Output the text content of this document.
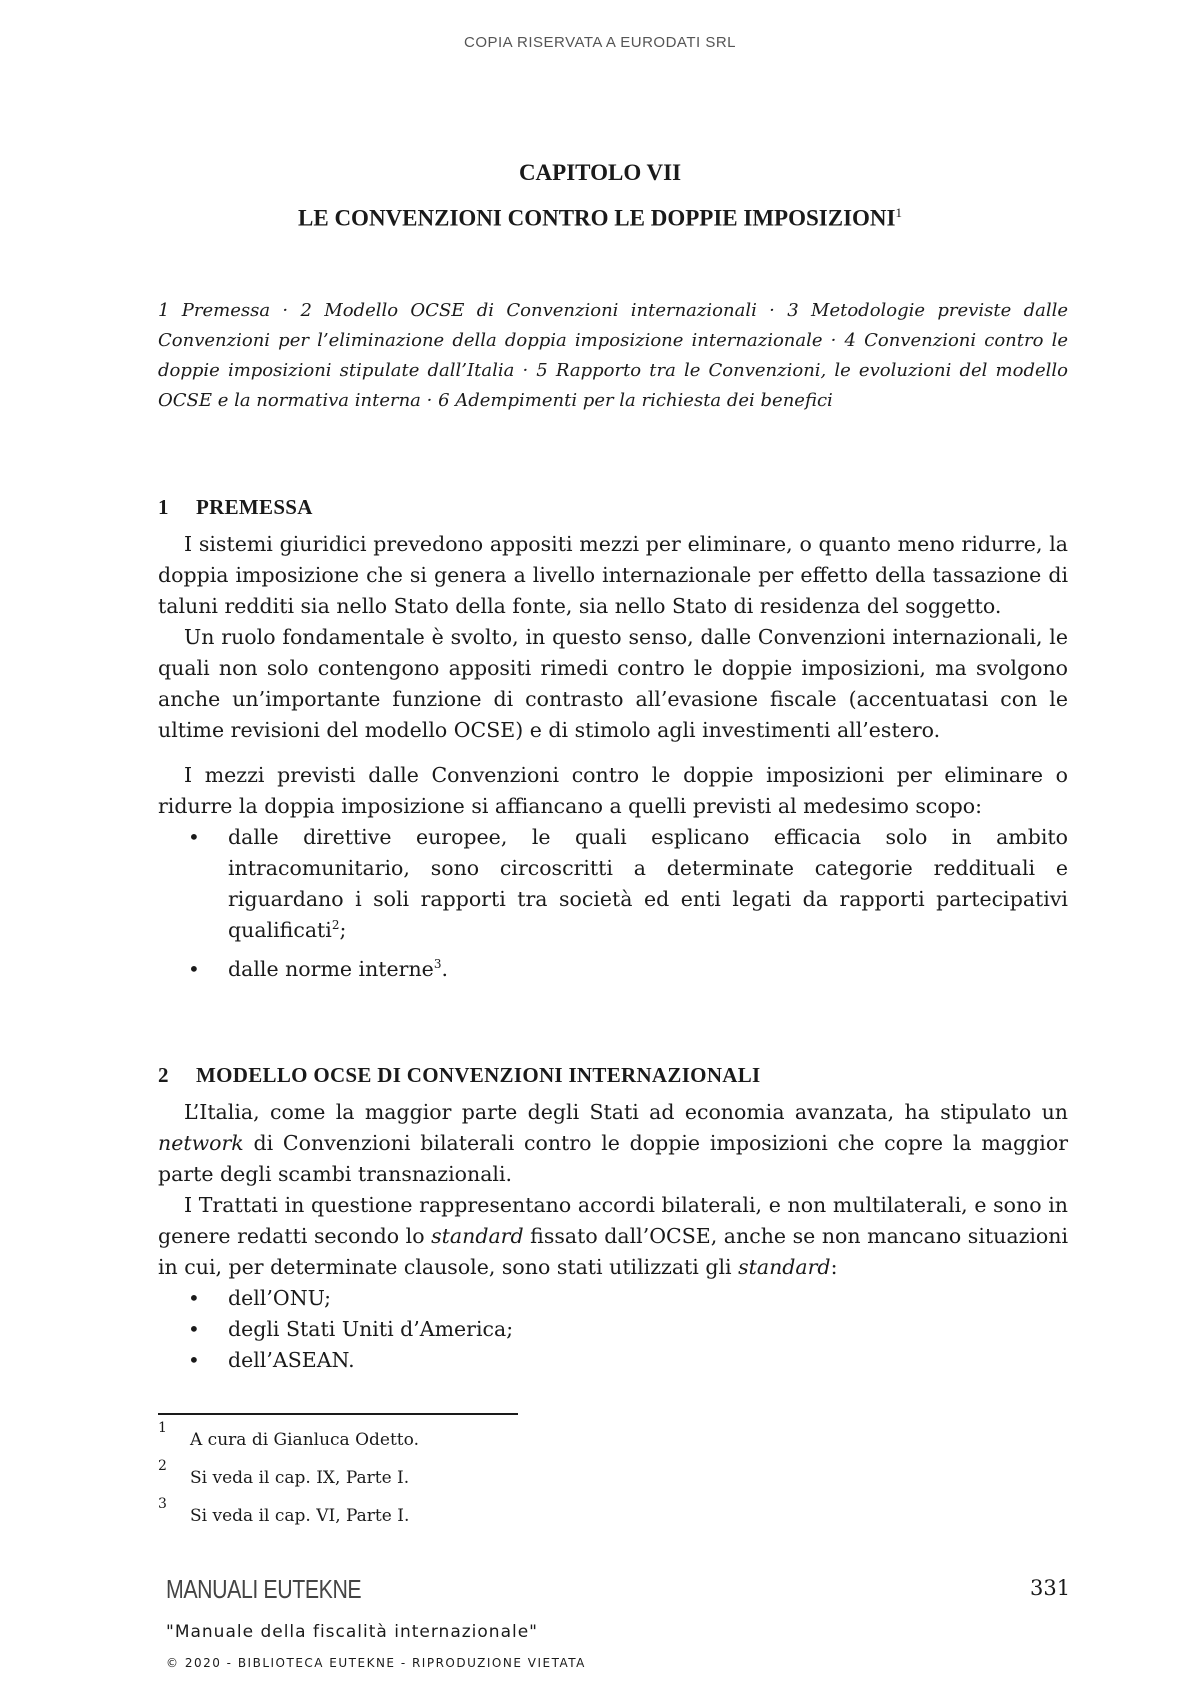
COPIA RISERVATA A EURODATI SRL
CAPITOLO VII
LE CONVENZIONI CONTRO LE DOPPIE IMPOSIZIONI$^1$
1 Premessa · 2 Modello OCSE di Convenzioni internazionali · 3 Metodologie previste dalle Convenzioni per l’eliminazione della doppia imposizione internazionale · 4 Convenzioni contro le doppie imposizioni stipulate dall’Italia · 5 Rapporto tra le Convenzioni, le evoluzioni del modello OCSE e la normativa interna · 6 Adempimenti per la richiesta dei benefici
1 PREMESSA

I sistemi giuridici prevedono appositi mezzi per eliminare, o quanto meno ridurre, la doppia imposizione che si genera a livello internazionale per effetto della tassazione di taluni redditi sia nello Stato della fonte, sia nello Stato di residenza del soggetto.

Un ruolo fondamentale è svolto, in questo senso, dalle Convenzioni internazionali, le quali non solo contengono appositi rimedi contro le doppie imposizioni, ma svolgono anche un’importante funzione di contrasto all’evasione fiscale (accentuatasi con le ultime revisioni del modello OCSE) e di stimolo agli investimenti all’estero.

I mezzi previsti dalle Convenzioni contro le doppie imposizioni per eliminare o ridurre la doppia imposizione si affiancano a quelli previsti al medesimo scopo:

• dalle direttive europee, le quali esplicano efficacia solo in ambito intracomunitario, sono circoscritti a determinate categorie reddituali e riguardano i soli rapporti tra società ed enti legati da rapporti partecipativi qualificati$^2$;
• dalle norme interne$^3$.
2 MODELLO OCSE DI CONVENZIONI INTERNAZIONALI

L’Italia, come la maggior parte degli Stati ad economia avanzata, ha stipulato un network di Convenzioni bilaterali contro le doppie imposizioni che copre la maggior parte degli scambi transnazionali.

I Trattati in questione rappresentano accordi bilaterali, e non multilaterali, e sono in genere redatti secondo lo standard fissato dall’OCSE, anche se non mancano situazioni in cui, per determinate clausole, sono stati utilizzati gli standard:

• dell’ONU;
• degli Stati Uniti d’America;
• dell’ASEAN.
1
A cura di Gianluca Odetto.
2
Si veda il cap. IX, Parte I.
3
Si veda il cap. VI, Parte I.
MANUALI EUTEKNE	331
"Manuale della fiscalità internazionale"
© 2020 - BIBLIOTECA EUTEKNE - RIPRODUZIONE VIETATA
